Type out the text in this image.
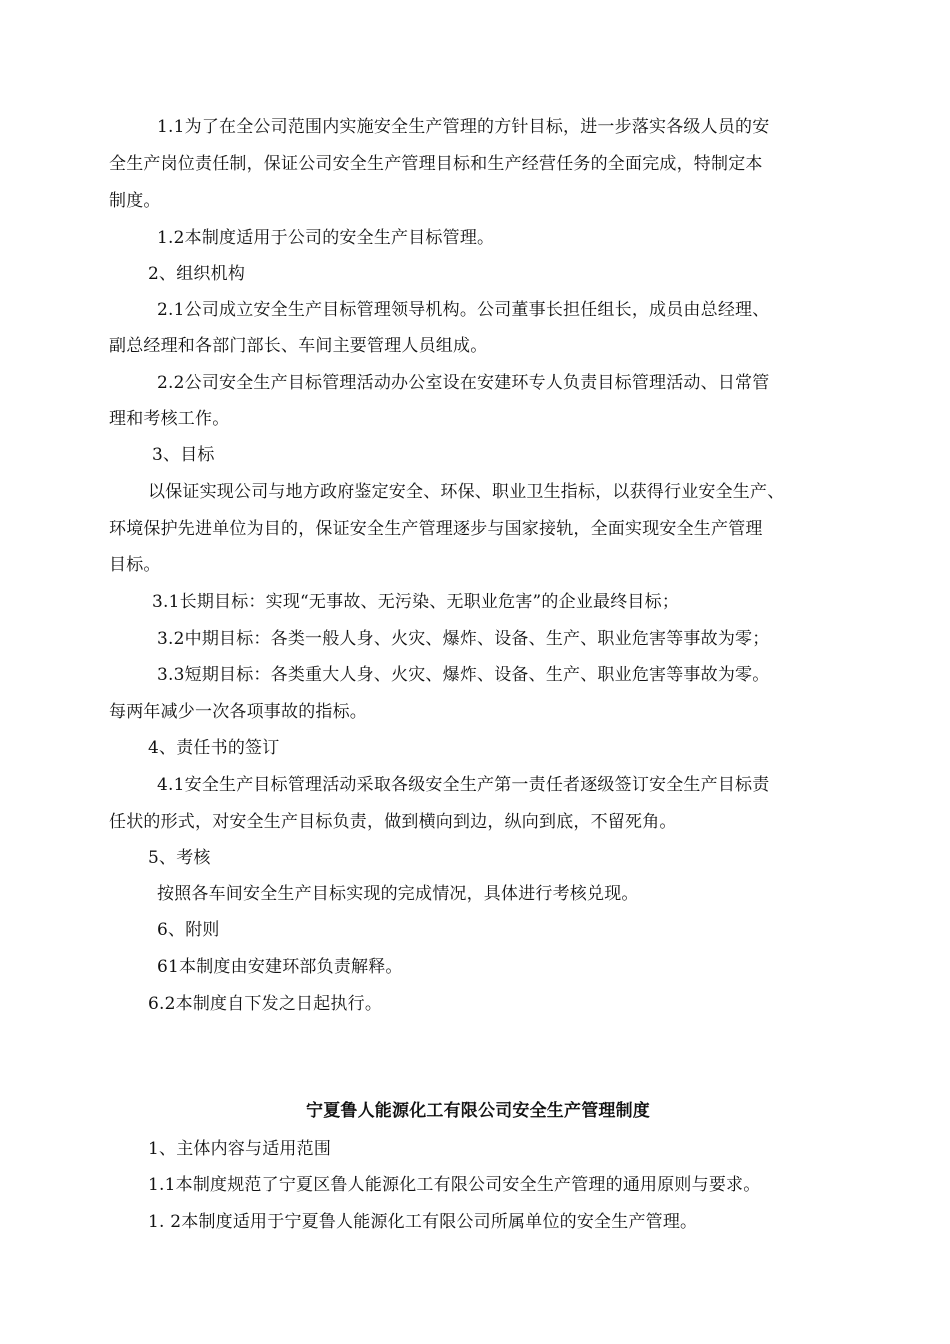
1.1为了在全公司范围内实施安全生产管理的方针目标，进一步落实各级人员的安
全生产岗位责任制，保证公司安全生产管理目标和生产经营任务的全面完成，特制定本
制度。
1.2本制度适用于公司的安全生产目标管理。
2、组织机构
2.1公司成立安全生产目标管理领导机构。公司董事长担任组长，成员由总经理、
副总经理和各部门部长、车间主要管理人员组成。
2.2公司安全生产目标管理活动办公室设在安建环专人负责目标管理活动、日常管
理和考核工作。
3、目标
以保证实现公司与地方政府鉴定安全、环保、职业卫生指标，以获得行业安全生产、
环境保护先进单位为目的，保证安全生产管理逐步与国家接轨，全面实现安全生产管理
目标。
3.1长期目标：实现“无事故、无污染、无职业危害”的企业最终目标；
3.2中期目标：各类一般人身、火灾、爆炸、设备、生产、职业危害等事故为零；
3.3短期目标：各类重大人身、火灾、爆炸、设备、生产、职业危害等事故为零。
每两年减少一次各项事故的指标。
4、责任书的签订
4.1安全生产目标管理活动采取各级安全生产第一责任者逐级签订安全生产目标责
任状的形式，对安全生产目标负责，做到横向到边，纵向到底，不留死角。
5、考核
按照各车间安全生产目标实现的完成情况，具体进行考核兑现。
6、附则
61本制度由安建环部负责解释。
6.2本制度自下发之日起执行。
宁夏鲁人能源化工有限公司安全生产管理制度
1、主体内容与适用范围
1.1本制度规范了宁夏区鲁人能源化工有限公司安全生产管理的通用原则与要求。
1. 2本制度适用于宁夏鲁人能源化工有限公司所属单位的安全生产管理。
